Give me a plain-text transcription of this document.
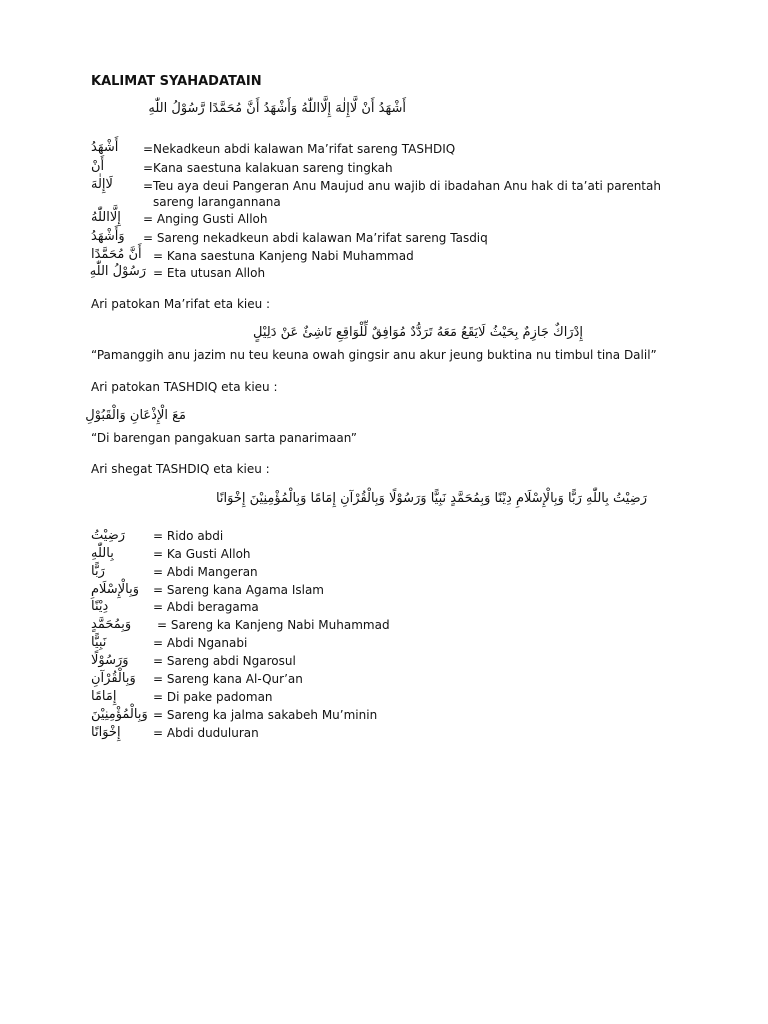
KALIMAT SYAHADATAIN
أَشْهَدُ أَنْ لَّاإِلٰهَ إِلَّااللّٰهُ وَأَشْهَدُ أَنَّ مُحَمَّدًا رَّسُوْلُ اللّٰهِ
أَشْهَدُ	=Nekadkeun abdi kalawan Ma’rifat sareng TASHDIQ
أَنْ	=Kana saestuna kalakuan sareng tingkah
لَاإِلٰهَ	=Teu aya deui Pangeran Anu Maujud anu wajib di ibadahan Anu hak di ta’ati parentah
sareng larangannana
إِلَّااللّٰهُ	= Anging Gusti Alloh
وَأَشْهَدُ	= Sareng nekadkeun abdi kalawan Ma’rifat sareng Tasdiq
أَنَّ مُحَمَّدًا = Kana saestuna Kanjeng Nabi Muhammad
رَسُوْلُ اللّٰهِ = Eta utusan Alloh
Ari patokan Ma’rifat eta kieu :
إِدْرَاكٌ جَازِمٌ بِحَيْثُ لَايَقَعُ مَعَهُ تَرَدُّدٌ مُوَافِقٌ لِّلْوَاقِعِ نَاشِئٌ عَنْ دَلِيْلٍ
“Pamanggih anu jazim nu teu keuna owah gingsir anu akur jeung buktina nu timbul tina Dalil”
Ari patokan TASHDIQ eta kieu :
مَعَ الْإِذْعَانِ وَالْقَبُوْلِ
“Di barengan pangakuan sarta panarimaan”
Ari shegat TASHDIQ eta kieu :
رَضِيْتُ بِاللّٰهِ رَبًّا وَبِالْإِسْلَامِ دِيْنًا وَبِمُحَمَّدٍ نَبِيًّا وَرَسُوْلًا وَبِالْقُرْآنِ إِمَامًا وَبِالْمُؤْمِنِيْنَ إِخْوَانًا
رَضِيْتُ	= Rido abdi
بِاللّٰهِ	= Ka Gusti Alloh
رَبًّا	= Abdi Mangeran
وَبِالْإِسْلَامِ	= Sareng kana Agama Islam
دِيْنًا	= Abdi beragama
وَبِمُحَمَّدٍ	= Sareng ka Kanjeng Nabi Muhammad
نَبِيًّا	= Abdi Nganabi
وَرَسُوْلًا	= Sareng abdi Ngarosul
وَبِالْقُرْآنِ	= Sareng kana Al-Qur’an
إِمَامًا	= Di pake padoman
وَبِالْمُؤْمِنِيْنَ = Sareng ka jalma sakabeh Mu’minin
إِخْوَانًا	= Abdi duduluran
